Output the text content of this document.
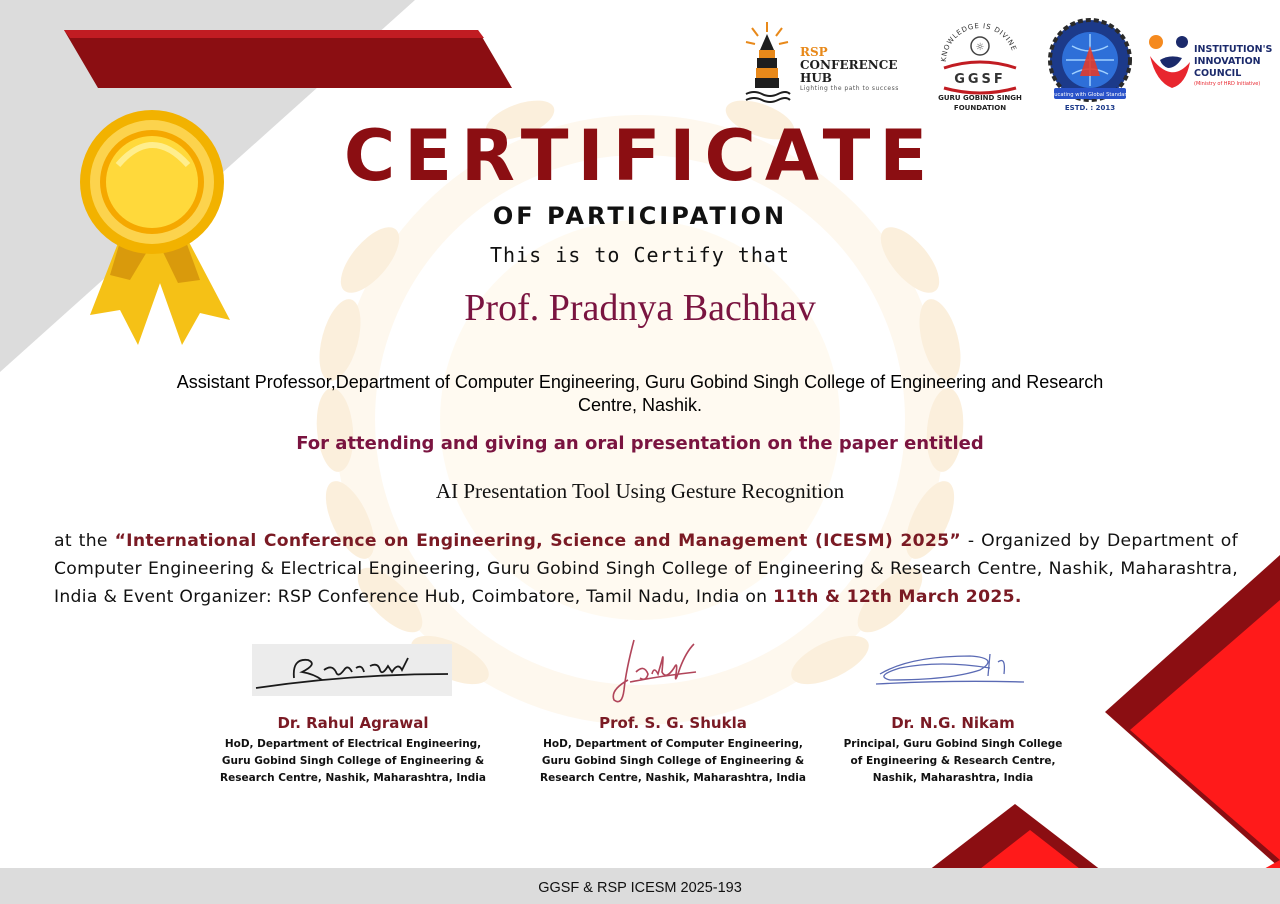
RSP
CONFERENCE
HUB
Lighting the path to success
KNOWLEDGE IS DIVINE
☼
GGSF
GURU GOBIND SINGH
FOUNDATION
Educating with Global Standards
ESTD. : 2013
INSTITUTION'S
INNOVATION
COUNCIL
(Ministry of HRD Initiative)
CERTIFICATE
OF PARTICIPATION
This is to Certify that
Prof. Pradnya Bachhav
Assistant Professor,Department of Computer Engineering, Guru Gobind Singh College of Engineering and Research Centre, Nashik.
For attending and giving an oral presentation on the paper entitled
AI Presentation Tool Using Gesture Recognition
at the “International Conference on Engineering, Science and Management (ICESM) 2025” - Organized by Department of Computer Engineering & Electrical Engineering, Guru Gobind Singh College of Engineering & Research Centre, Nashik, Maharashtra, India & Event Organizer: RSP Conference Hub, Coimbatore, Tamil Nadu, India on 11th & 12th March 2025.
Dr. Rahul Agrawal
HoD, Department of Electrical Engineering, Guru Gobind Singh College of Engineering & Research Centre, Nashik, Maharashtra, India
Prof. S. G. Shukla
HoD, Department of Computer Engineering, Guru Gobind Singh College of Engineering & Research Centre, Nashik, Maharashtra, India
Dr. N.G. Nikam
Principal, Guru Gobind Singh College of Engineering & Research Centre, Nashik, Maharashtra, India
GGSF & RSP ICESM 2025-193
